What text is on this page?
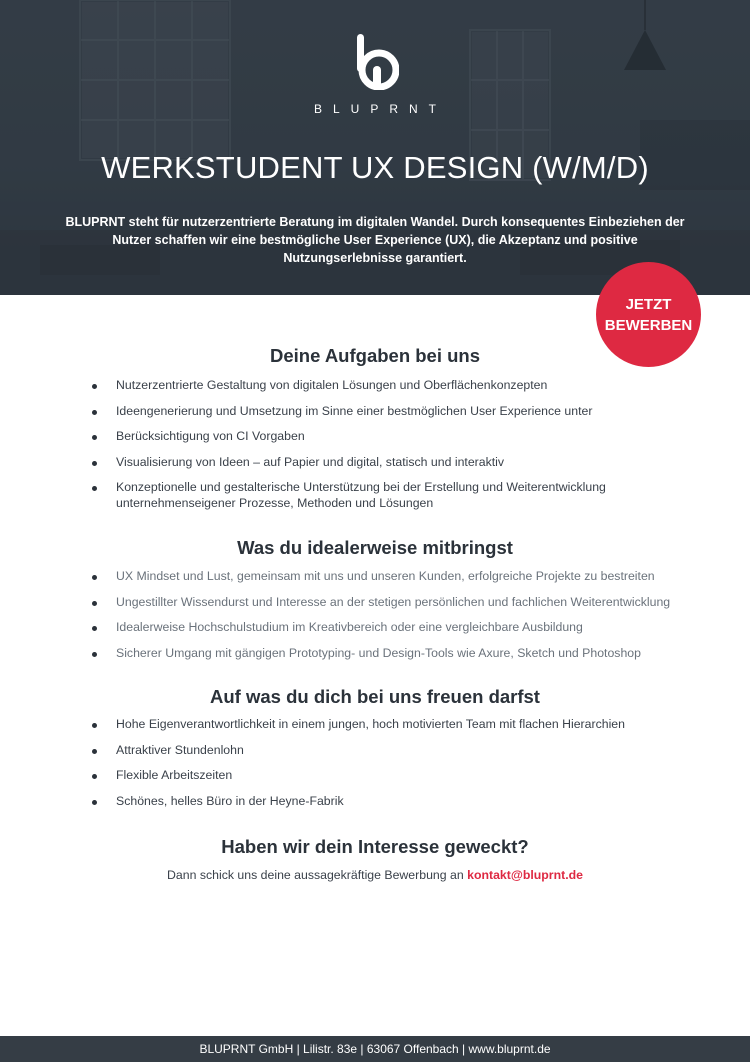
BLUPRNT
WERKSTUDENT UX DESIGN (W/M/D)

BLUPRNT steht für nutzerzentrierte Beratung im digitalen Wandel. Durch konsequentes Einbeziehen der Nutzer schaffen wir eine bestmögliche User Experience (UX), die Akzeptanz und positive Nutzungserlebnisse garantiert.

JETZT
BEWERBEN
Deine Aufgaben bei uns
Nutzerzentrierte Gestaltung von digitalen Lösungen und Oberflächenkonzepten
Ideengenerierung und Umsetzung im Sinne einer bestmöglichen User Experience unter
Berücksichtigung von CI Vorgaben
Visualisierung von Ideen – auf Papier und digital, statisch und interaktiv
Konzeptionelle und gestalterische Unterstützung bei der Erstellung und Weiterentwicklung unternehmenseigener Prozesse, Methoden und Lösungen
Was du idealerweise mitbringst
UX Mindset und Lust, gemeinsam mit uns und unseren Kunden, erfolgreiche Projekte zu bestreiten
Ungestillter Wissendurst und Interesse an der stetigen persönlichen und fachlichen Weiterentwicklung
Idealerweise Hochschulstudium im Kreativbereich oder eine vergleichbare Ausbildung
Sicherer Umgang mit gängigen Prototyping- und Design-Tools wie Axure, Sketch und Photoshop
Auf was du dich bei uns freuen darfst
Hohe Eigenverantwortlichkeit in einem jungen, hoch motivierten Team mit flachen Hierarchien
Attraktiver Stundenlohn
Flexible Arbeitszeiten
Schönes, helles Büro in der Heyne-Fabrik
Haben wir dein Interesse geweckt?

Dann schick uns deine aussagekräftige Bewerbung an kontakt@bluprnt.de

BLUPRNT GmbH | Lilistr. 83e | 63067 Offenbach | www.bluprnt.de
